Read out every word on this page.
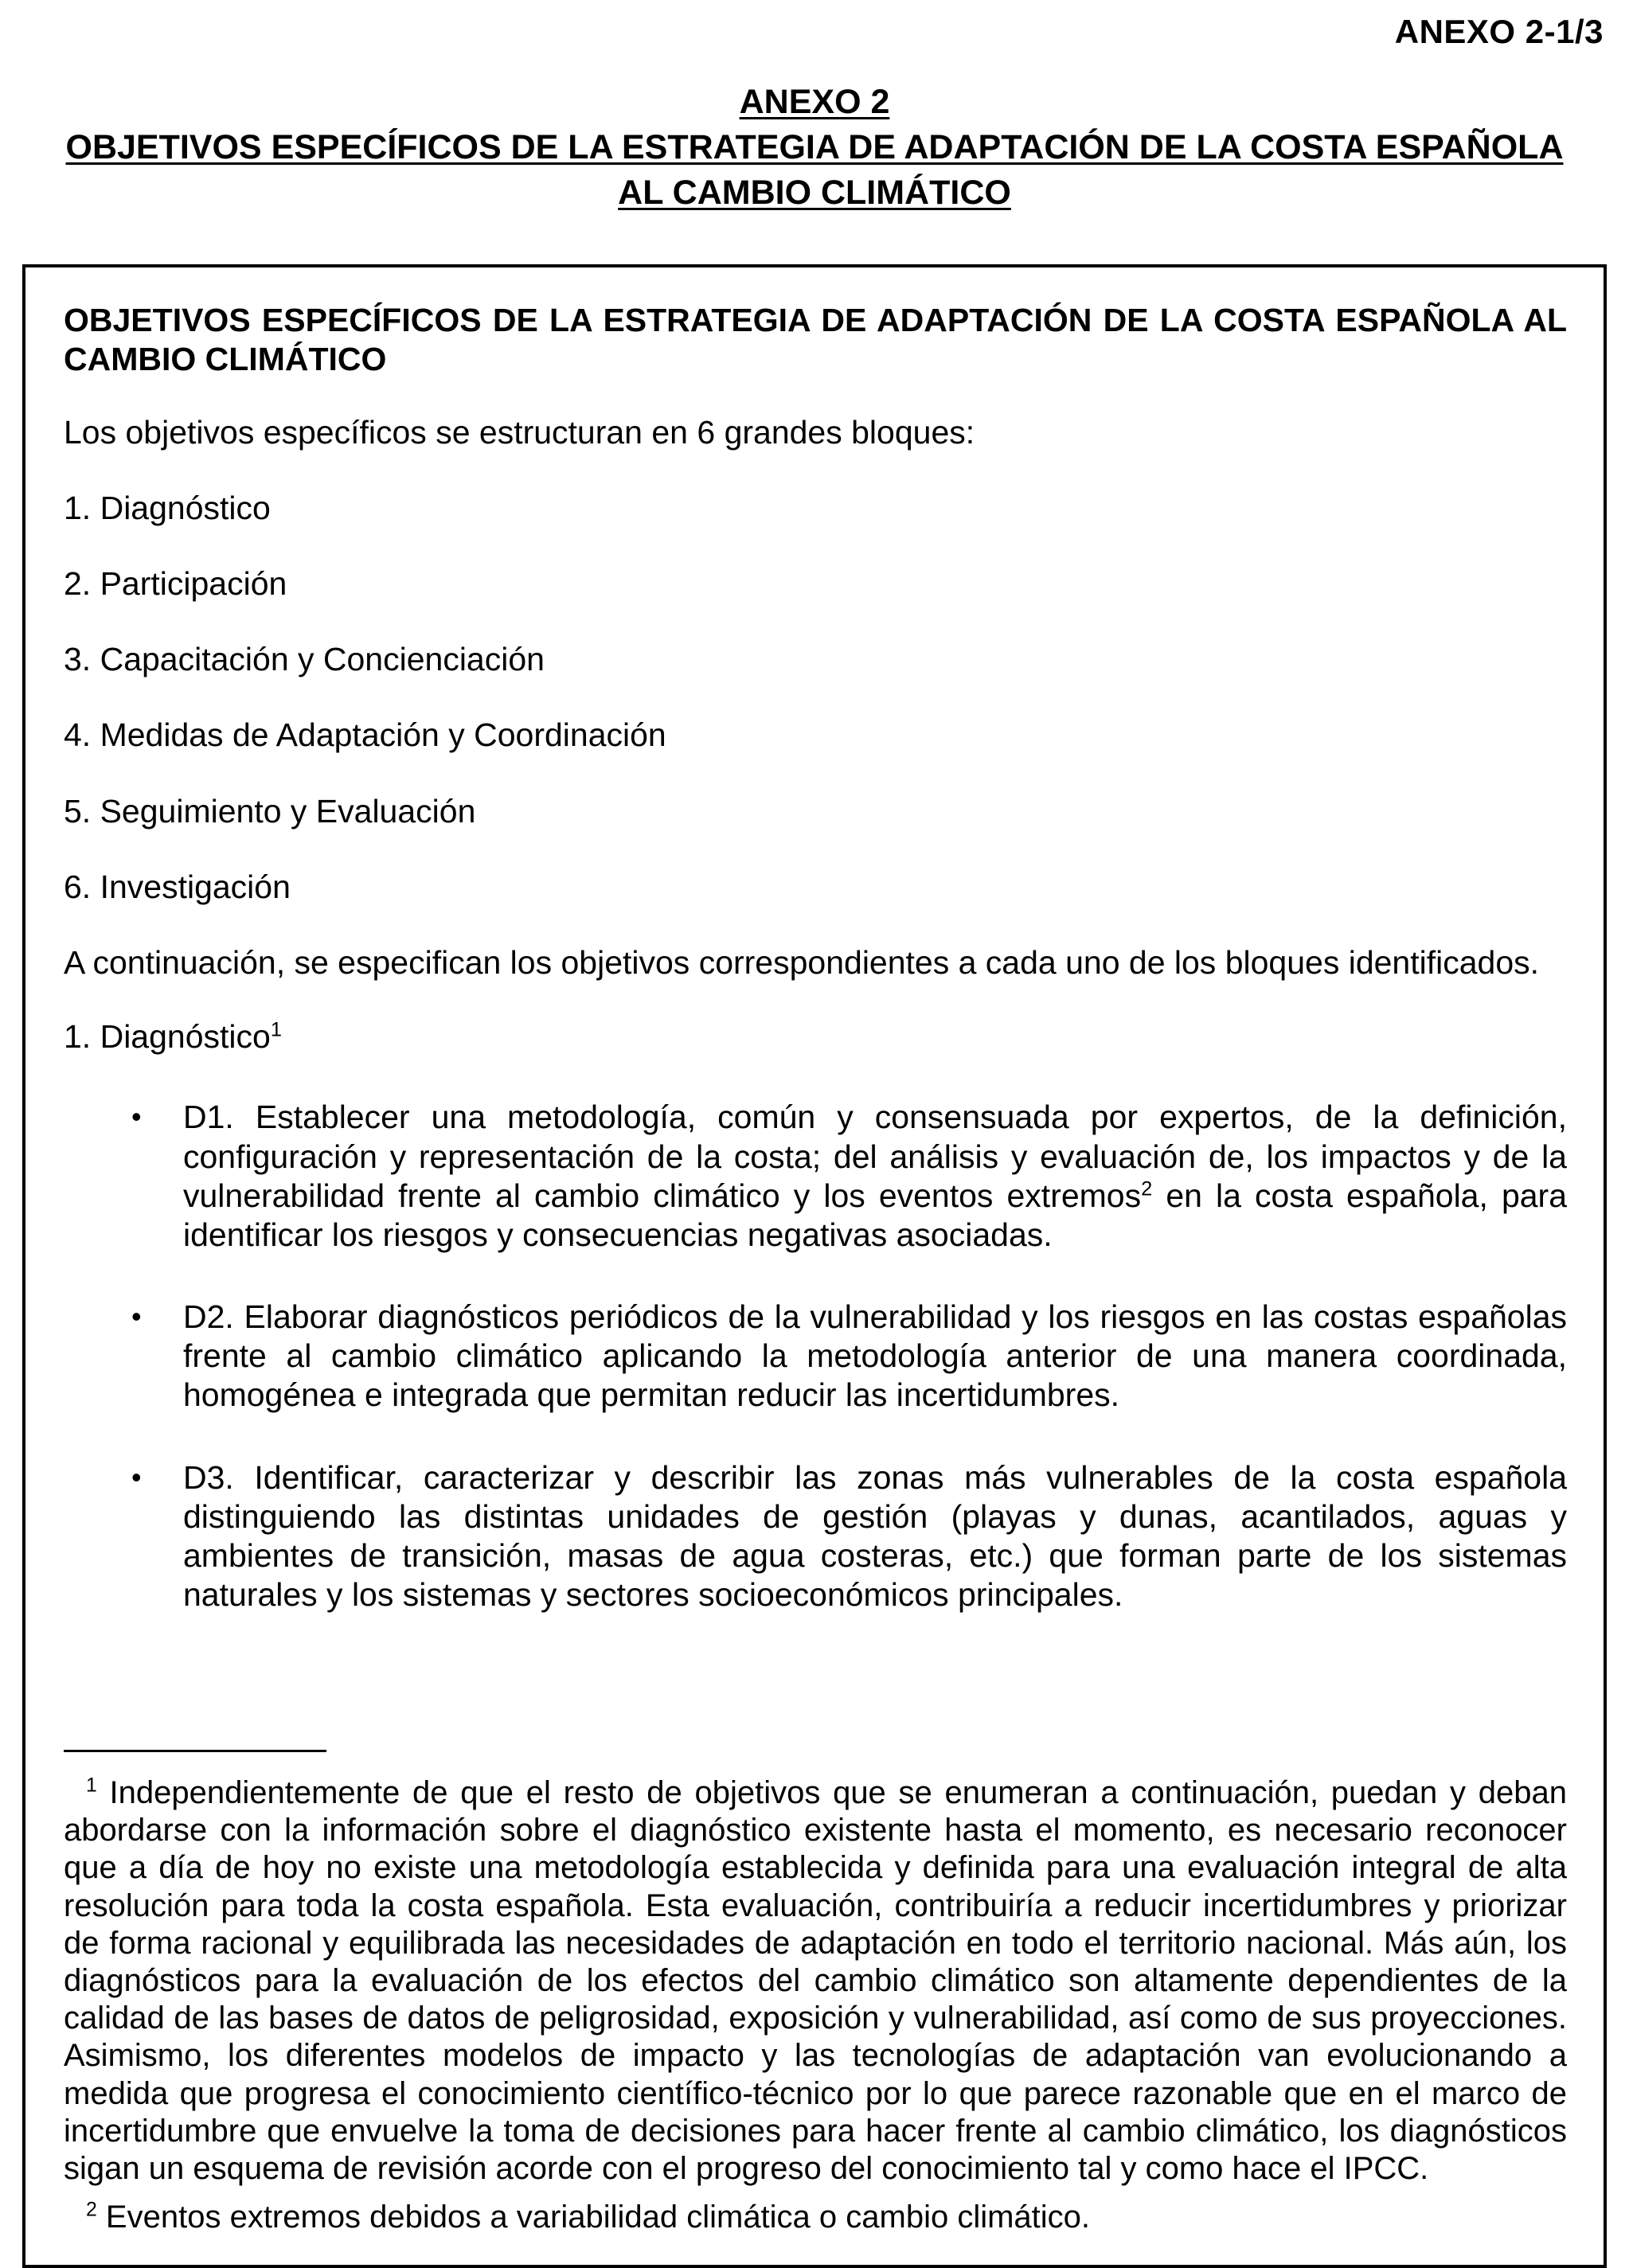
ANEXO 2-1/3
ANEXO 2
OBJETIVOS ESPECÍFICOS DE LA ESTRATEGIA DE ADAPTACIÓN DE LA COSTA ESPAÑOLA
AL CAMBIO CLIMÁTICO
OBJETIVOS ESPECÍFICOS DE LA ESTRATEGIA DE ADAPTACIÓN DE LA COSTA ESPAÑOLA AL CAMBIO CLIMÁTICO
Los objetivos específicos se estructuran en 6 grandes bloques:
1. Diagnóstico
2. Participación
3. Capacitación y Concienciación
4. Medidas de Adaptación y Coordinación
5. Seguimiento y Evaluación
6. Investigación
A continuación, se especifican los objetivos correspondientes a cada uno de los bloques identificados.
1. Diagnóstico$^1$
•	D1. Establecer una metodología, común y consensuada por expertos, de la definición, configuración y representación de la costa; del análisis y evaluación de, los impactos y de la vulnerabilidad frente al cambio climático y los eventos extremos$^2$ en la costa española, para identificar los riesgos y consecuencias negativas asociadas.
•	D2. Elaborar diagnósticos periódicos de la vulnerabilidad y los riesgos en las costas españolas frente al cambio climático aplicando la metodología anterior de una manera coordinada, homogénea e integrada que permitan reducir las incertidumbres.
•	D3. Identificar, caracterizar y describir las zonas más vulnerables de la costa española distinguiendo las distintas unidades de gestión (playas y dunas, acantilados, aguas y ambientes de transición, masas de agua costeras, etc.) que forman parte de los sistemas naturales y los sistemas y sectores socioeconómicos principales.

$^1$ Independientemente de que el resto de objetivos que se enumeran a continuación, puedan y deban abordarse con la información sobre el diagnóstico existente hasta el momento, es necesario reconocer que a día de hoy no existe una metodología establecida y definida para una evaluación integral de alta resolución para toda la costa española. Esta evaluación, contribuiría a reducir incertidumbres y priorizar de forma racional y equilibrada las necesidades de adaptación en todo el territorio nacional. Más aún, los diagnósticos para la evaluación de los efectos del cambio climático son altamente dependientes de la calidad de las bases de datos de peligrosidad, exposición y vulnerabilidad, así como de sus proyecciones. Asimismo, los diferentes modelos de impacto y las tecnologías de adaptación van evolucionando a medida que progresa el conocimiento científico-técnico por lo que parece razonable que en el marco de incertidumbre que envuelve la toma de decisiones para hacer frente al cambio climático, los diagnósticos sigan un esquema de revisión acorde con el progreso del conocimiento tal y como hace el IPCC.

$^2$ Eventos extremos debidos a variabilidad climática o cambio climático.
